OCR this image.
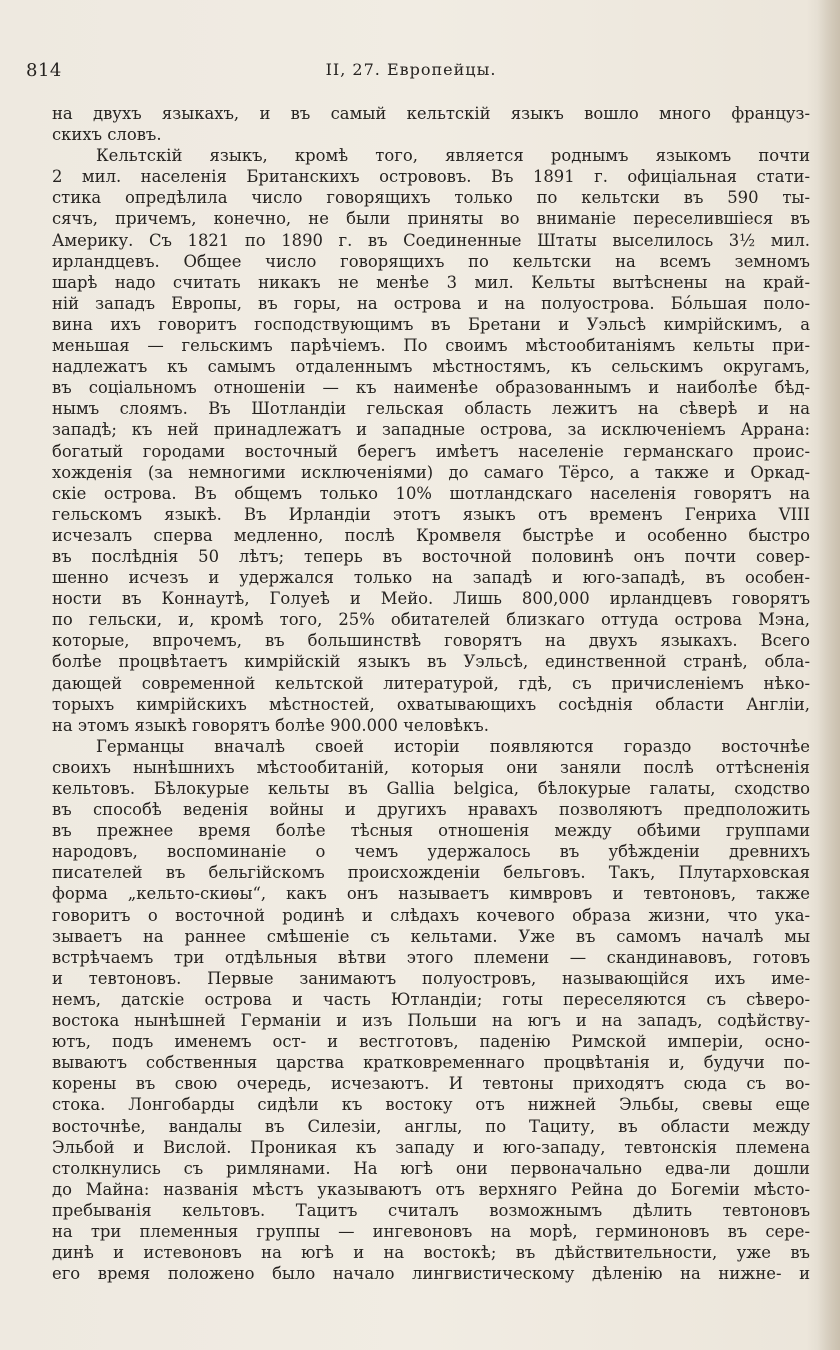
814	II, 27. Европейцы.
на двухъ языкахъ, и въ самый кельтскій языкъ вошло много француз-
скихъ словъ.
Кельтскій языкъ, кромѣ того, является роднымъ языкомъ почти
2 мил. населенія Британскихъ острововъ. Въ 1891 г. офиціальная стати-
стика опредѣлила число говорящихъ только по кельтски въ 590 ты-
сячъ, причемъ, конечно, не были приняты во вниманіе переселившіеся въ
Америку. Съ 1821 по 1890 г. въ Соединенные Штаты выселилось 3½ мил.
ирландцевъ. Общее число говорящихъ по кельтски на всемъ земномъ
шарѣ надо считать никакъ не менѣе 3 мил. Кельты вытѣснены на край-
ній западъ Европы, въ горы, на острова и на полуострова. Бóльшая поло-
вина ихъ говоритъ господствующимъ въ Бретани и Уэльсѣ кимрійскимъ, а
меньшая — гельскимъ парѣчіемъ. По своимъ мѣстообитаніямъ кельты при-
надлежатъ къ самымъ отдаленнымъ мѣстностямъ, къ сельскимъ округамъ,
въ соціальномъ отношеніи — къ наименѣе образованнымъ и наиболѣе бѣд-
нымъ слоямъ. Въ Шотландіи гельская область лежитъ на сѣверѣ и на
западѣ; къ ней принадлежатъ и западные острова, за исключеніемъ Аррана:
богатый городами восточный берегъ имѣетъ населеніе германскаго проис-
хожденія (за немногими исключеніями) до самаго Тёрсо, а также и Оркад-
скіе острова. Въ общемъ только 10% шотландскаго населенія говорятъ на
гельскомъ языкѣ. Въ Ирландіи этотъ языкъ отъ временъ Генриха VIII
исчезалъ сперва медленно, послѣ Кромвеля быстрѣе и особенно быстро
въ послѣднія 50 лѣтъ; теперь въ восточной половинѣ онъ почти совер-
шенно исчезъ и удержался только на западѣ и юго-западѣ, въ особен-
ности въ Коннаутѣ, Голуеѣ и Мейо. Лишь 800,000 ирландцевъ говорятъ
по гельски, и, кромѣ того, 25% обитателей близкаго оттуда острова Мэна,
которые, впрочемъ, въ большинствѣ говорятъ на двухъ языкахъ. Всего
болѣе процвѣтаетъ кимрійскій языкъ въ Уэльсѣ, единственной странѣ, обла-
дающей современной кельтской литературой, гдѣ, съ причисленіемъ нѣко-
торыхъ кимрійскихъ мѣстностей, охватывающихъ сосѣднія области Англіи,
на этомъ языкѣ говорятъ болѣе 900.000 человѣкъ.
Германцы вначалѣ своей исторіи появляются гораздо восточнѣе
своихъ нынѣшнихъ мѣстообитаній, которыя они заняли послѣ оттѣсненія
кельтовъ. Бѣлокурые кельты въ Gallia belgica, бѣлокурые галаты, сходство
въ способѣ веденія войны и другихъ нравахъ позволяютъ предположить
въ прежнее время болѣе тѣсныя отношенія между обѣими группами
народовъ, воспоминаніе о чемъ удержалось въ убѣжденіи древнихъ
писателей въ бельгійскомъ происхожденіи бельговъ. Такъ, Плутарховская
форма „кельто-скиѳы“, какъ онъ называетъ кимвровъ и тевтоновъ, также
говоритъ о восточной родинѣ и слѣдахъ кочевого образа жизни, что ука-
зываетъ на раннее смѣшеніе съ кельтами. Уже въ самомъ началѣ мы
встрѣчаемъ три отдѣльныя вѣтви этого племени — скандинавовъ, готовъ
и тевтоновъ. Первые занимаютъ полуостровъ, называющійся ихъ име-
немъ, датскіе острова и часть Ютландіи; готы переселяются съ сѣверо-
востока нынѣшней Германіи и изъ Польши на югъ и на западъ, содѣйству-
ютъ, подъ именемъ ост- и вестготовъ, паденію Римской имперіи, осно-
вываютъ собственныя царства кратковременнаго процвѣтанія и, будучи по-
корены въ свою очередь, исчезаютъ. И тевтоны приходятъ сюда съ во-
стока. Лонгобарды сидѣли къ востоку отъ нижней Эльбы, свевы еще
восточнѣе, вандалы въ Силезіи, англы, по Тациту, въ области между
Эльбой и Вислой. Проникая къ западу и юго-западу, тевтонскія племена
столкнулись съ римлянами. На югѣ они первоначально едва-ли дошли
до Майна: названія мѣстъ указываютъ отъ верхняго Рейна до Богеміи мѣсто-
пребыванія кельтовъ. Тацитъ считалъ возможнымъ дѣлить тевтоновъ
на три племенныя группы — ингевоновъ на морѣ, герминоновъ въ сере-
динѣ и истевоновъ на югѣ и на востокѣ; въ дѣйствительности, уже въ
его время положено было начало лингвистическому дѣленію на нижне- и
